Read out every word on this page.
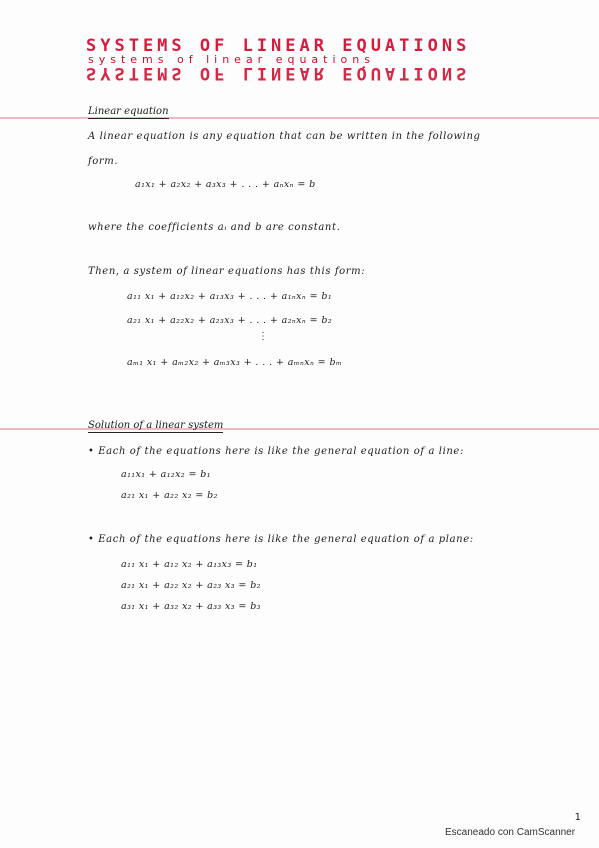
SYSTEMS OF LINEAR EQUATIONS
systems of linear equations
SYSTEMS OF LINEAR EQUATIONS
Linear equation
A linear equation is any equation that can be written in the following
form.
a₁x₁ + a₂x₂ + a₃x₃ + . . . + aₙxₙ = b
where the coefficients aᵢ and b are constant.
Then, a system of linear equations has this form:
a₁₁ x₁ + a₁₂x₂ + a₁₃x₃ + . . . + a₁ₙxₙ = b₁
a₂₁ x₁ + a₂₂x₂ + a₂₃x₃ + . . . + a₂ₙxₙ = b₂
⋮
aₘ₁ x₁ + aₘ₂x₂ + aₘ₃x₃ + . . . + aₘₙxₙ = bₘ
Solution of a linear system
• Each of the equations here is like the general equation of a line:
a₁₁x₁ + a₁₂x₂ = b₁
a₂₁ x₁ + a₂₂ x₂ = b₂
• Each of the equations here is like the general equation of a plane:
a₁₁ x₁ + a₁₂ x₂ + a₁₃x₃ = b₁
a₂₁ x₁ + a₂₂ x₂ + a₂₃ x₃ = b₂
a₃₁ x₁ + a₃₂ x₂ + a₃₃ x₃ = b₃
1
Escaneado con CamScanner
